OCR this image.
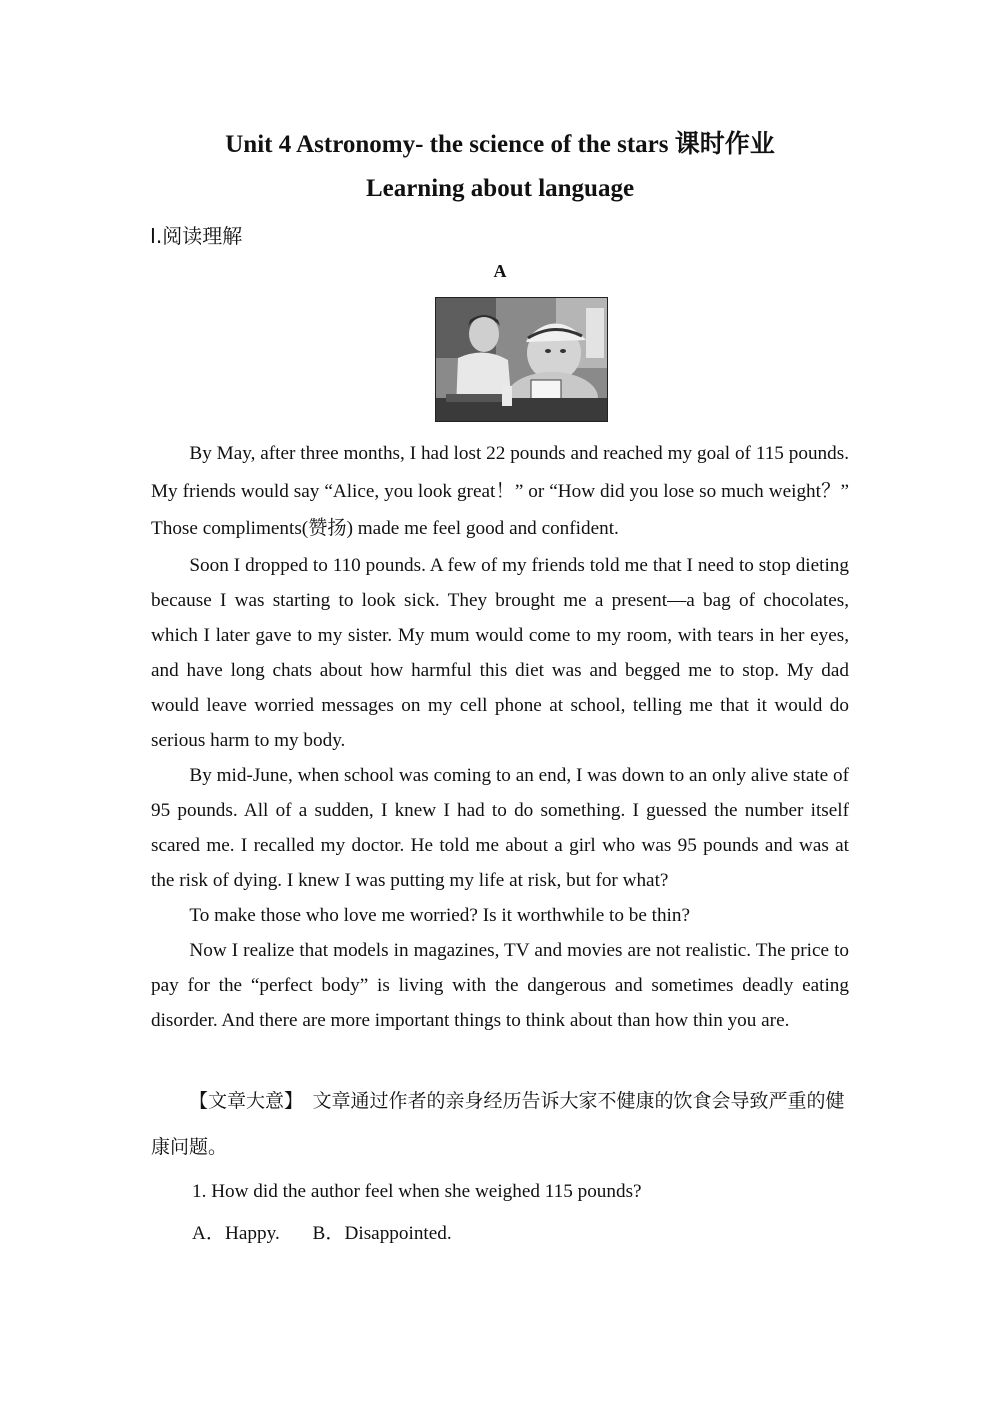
Unit 4 Astronomy- the science of the stars 课时作业
Learning about language
Ⅰ.阅读理解
A

By May, after three months, I had lost 22 pounds and reached my goal of 115 pounds. My friends would say “Alice, you look great！” or “How did you lose so much weight？” Those compliments(赞扬) made me feel good and confident.

Soon I dropped to 110 pounds. A few of my friends told me that I need to stop dieting because I was starting to look sick. They brought me a present—a bag of chocolates, which I later gave to my sister. My mum would come to my room, with tears in her eyes, and have long chats about how harmful this diet was and begged me to stop. My dad would leave worried messages on my cell phone at school, telling me that it would do serious harm to my body.

By mid-June, when school was coming to an end, I was down to an only alive state of 95 pounds. All of a sudden, I knew I had to do something. I guessed the number itself scared me. I recalled my doctor. He told me about a girl who was 95 pounds and was at the risk of dying. I knew I was putting my life at risk, but for what?

To make those who love me worried? Is it worthwhile to be thin?

Now I realize that models in magazines, TV and movies are not realistic. The price to pay for the “perfect body” is living with the dangerous and sometimes deadly eating disorder. And there are more important things to think about than how thin you are.

【文章大意】　文章通过作者的亲身经历告诉大家不健康的饮食会导致严重的健康问题。
1. How did the author feel when she weighed 115 pounds?
A．Happy. B．Disappointed.
